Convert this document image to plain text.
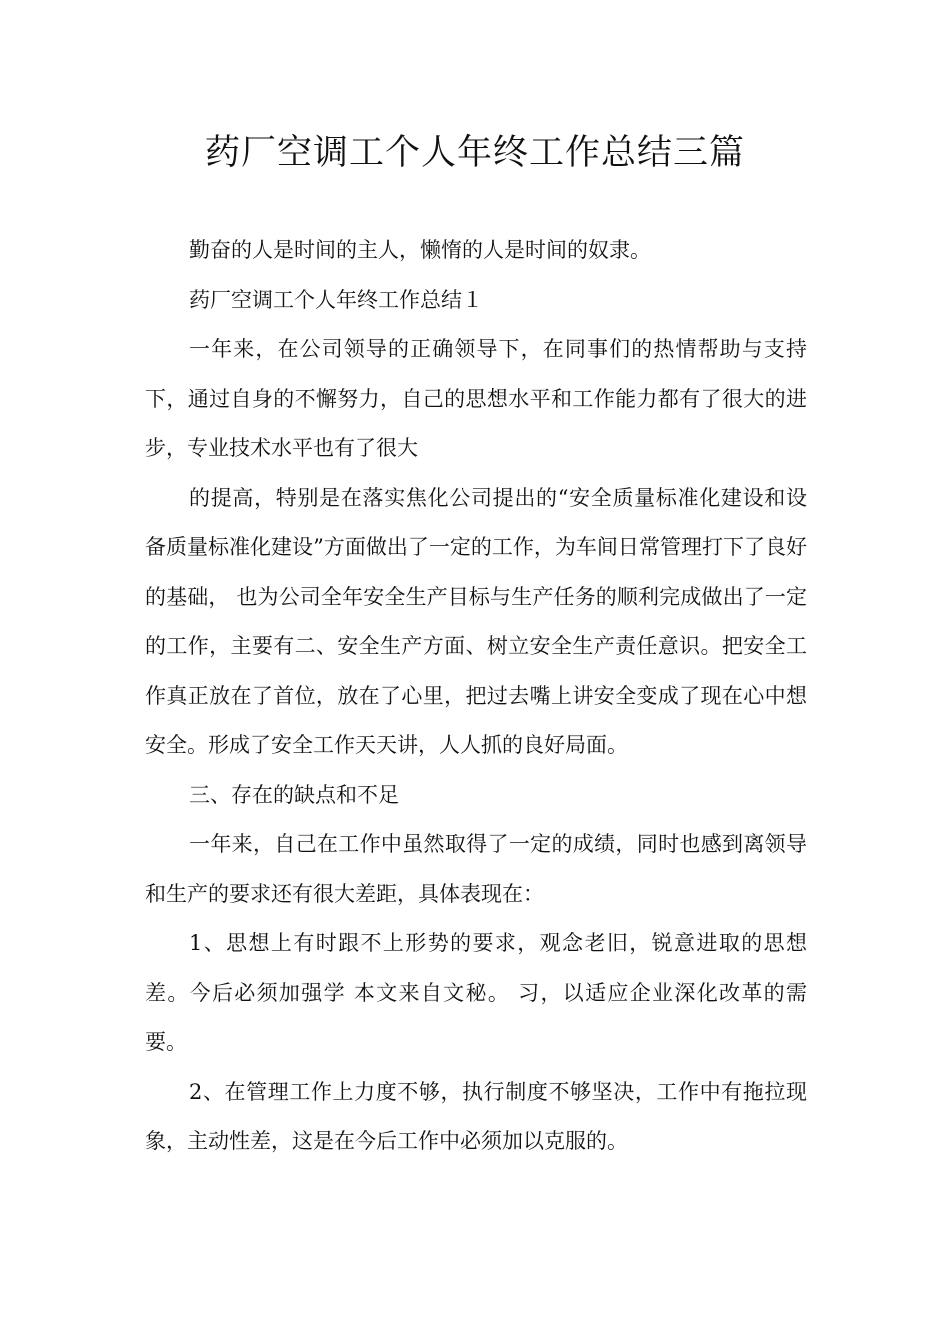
药厂空调工个人年终工作总结三篇

勤奋的人是时间的主人，懒惰的人是时间的奴隶。

药厂空调工个人年终工作总结１

一年来，在公司领导的正确领导下，在同事们的热情帮助与支持下，通过自身的不懈努力，自己的思想水平和工作能力都有了很大的进步，专业技术水平也有了很大

的提高，特别是在落实焦化公司提出的“安全质量标准化建设和设备质量标准化建设”方面做出了一定的工作，为车间日常管理打下了良好的基础， 也为公司全年安全生产目标与生产任务的顺利完成做出了一定的工作，主要有二、安全生产方面、树立安全生产责任意识。把安全工作真正放在了首位，放在了心里，把过去嘴上讲安全变成了现在心中想安全。形成了安全工作天天讲，人人抓的良好局面。

三、存在的缺点和不足

一年来，自己在工作中虽然取得了一定的成绩，同时也感到离领导和生产的要求还有很大差距，具体表现在：

1、思想上有时跟不上形势的要求，观念老旧，锐意进取的思想差。今后必须加强学 本文来自文秘。 习，以适应企业深化改革的需要。

2、在管理工作上力度不够，执行制度不够坚决，工作中有拖拉现象，主动性差，这是在今后工作中必须加以克服的。
